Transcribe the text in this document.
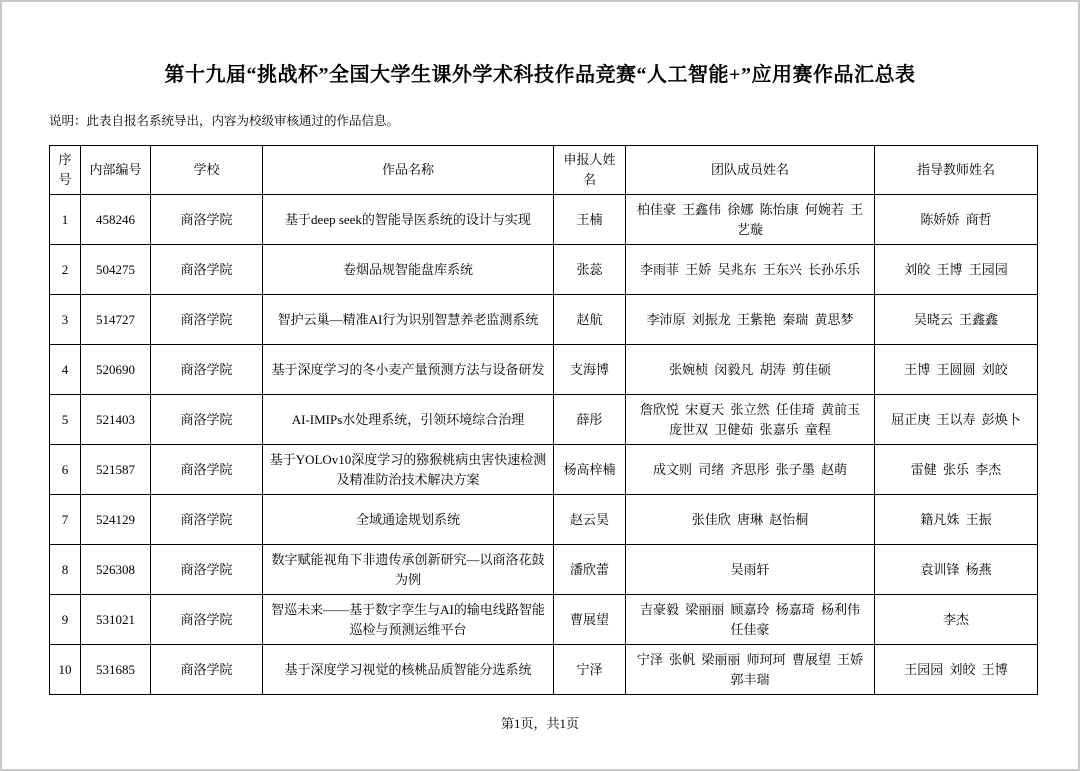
第十九届“挑战杯”全国大学生课外学术科技作品竞赛“人工智能+”应用赛作品汇总表
说明：此表自报名系统导出，内容为校级审核通过的作品信息。
序号	内部编号	学校	作品名称	申报人姓名	团队成员姓名	指导教师姓名
1	458246	商洛学院	基于deep seek的智能导医系统的设计与实现	王楠	柏佳豪 王鑫伟 徐娜 陈怡康 何婉若 王艺璇	陈娇娇 商哲
2	504275	商洛学院	卷烟品规智能盘库系统	张蕊	李雨菲 王娇 吴兆东 王东兴 长孙乐乐	刘皎 王博 王园园
3	514727	商洛学院	智护云巢—精准AI行为识别智慧养老监测系统	赵航	李沛原 刘振龙 王紫艳 秦瑞 黄思梦	吴晓云 王鑫鑫
4	520690	商洛学院	基于深度学习的冬小麦产量预测方法与设备研发	支海博	张婉桢 闵毅凡 胡涛 剪佳硕	王博 王圆圆 刘皎
5	521403	商洛学院	AI-IMIPs水处理系统，引领环境综合治理	薛彤	詹欣悦 宋夏天 张立然 任佳琦 黄前玉 庞世双 卫健茹 张嘉乐 童程	屈正庚 王以寿 彭焕卜
6	521587	商洛学院	基于YOLOv10深度学习的猕猴桃病虫害快速检测及精准防治技术解决方案	杨高梓楠	成文则 司绪 齐思彤 张子墨 赵萌	雷健 张乐 李杰
7	524129	商洛学院	全域通途规划系统	赵云昊	张佳欣 唐琳 赵怡桐	籍凡姝 王振
8	526308	商洛学院	数字赋能视角下非遗传承创新研究—以商洛花鼓为例	潘欣蕾	吴雨轩	袁训锋 杨燕
9	531021	商洛学院	智巡未来——基于数字孪生与AI的输电线路智能巡检与预测运维平台	曹展望	吉豪毅 梁丽丽 顾嘉玲 杨嘉琦 杨利伟 任佳豪	李杰
10	531685	商洛学院	基于深度学习视觉的核桃品质智能分选系统	宁泽	宁泽 张帆 梁丽丽 师珂珂 曹展望 王娇 郭丰瑞	王园园 刘皎 王博
第1页，共1页
